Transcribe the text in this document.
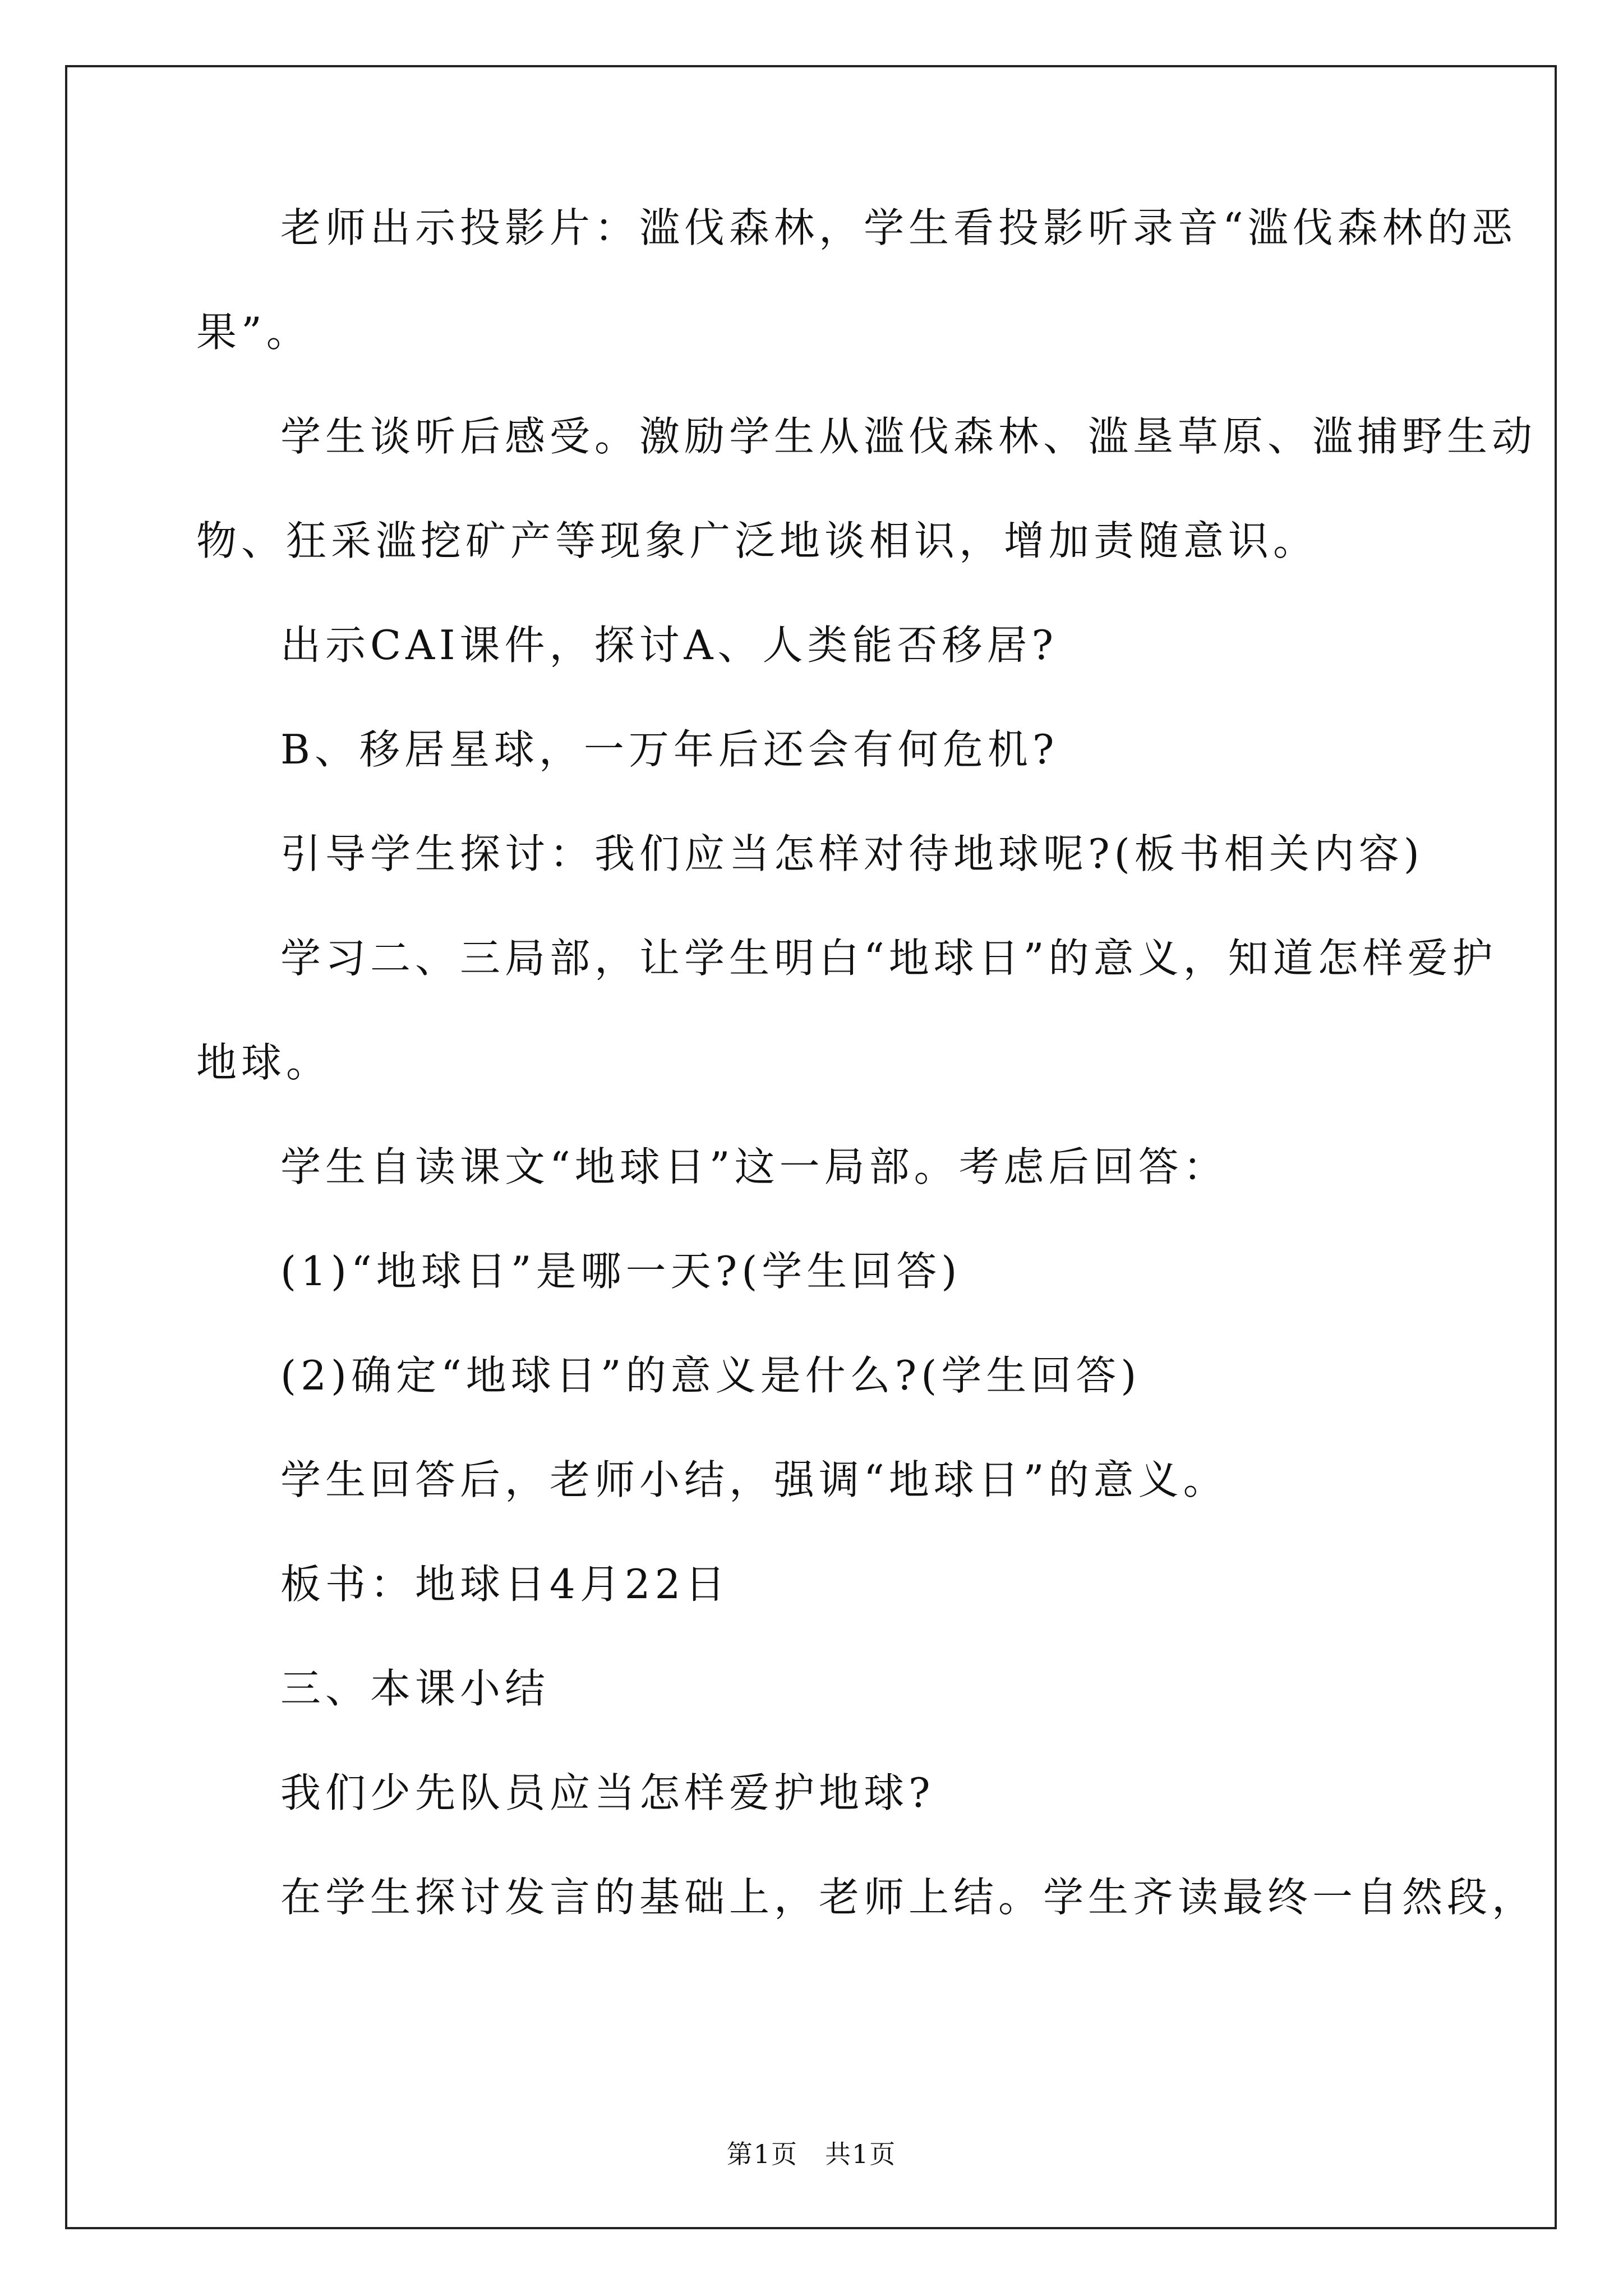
老师出示投影片：滥伐森林，学生看投影听录音“滥伐森林的恶
果”。
学生谈听后感受。激励学生从滥伐森林、滥垦草原、滥捕野生动
物、狂采滥挖矿产等现象广泛地谈相识，增加责随意识。
出示CAI课件，探讨A、人类能否移居?
B、移居星球，一万年后还会有何危机?
引导学生探讨：我们应当怎样对待地球呢?(板书相关内容)
学习二、三局部，让学生明白“地球日”的意义，知道怎样爱护
地球。
学生自读课文“地球日”这一局部。考虑后回答：
(1)“地球日”是哪一天?(学生回答)
(2)确定“地球日”的意义是什么?(学生回答)
学生回答后，老师小结，强调“地球日”的意义。
板书：地球日4月22日
三、本课小结
我们少先队员应当怎样爱护地球?
在学生探讨发言的基础上，老师上结。学生齐读最终一自然段，
第1页　共1页
